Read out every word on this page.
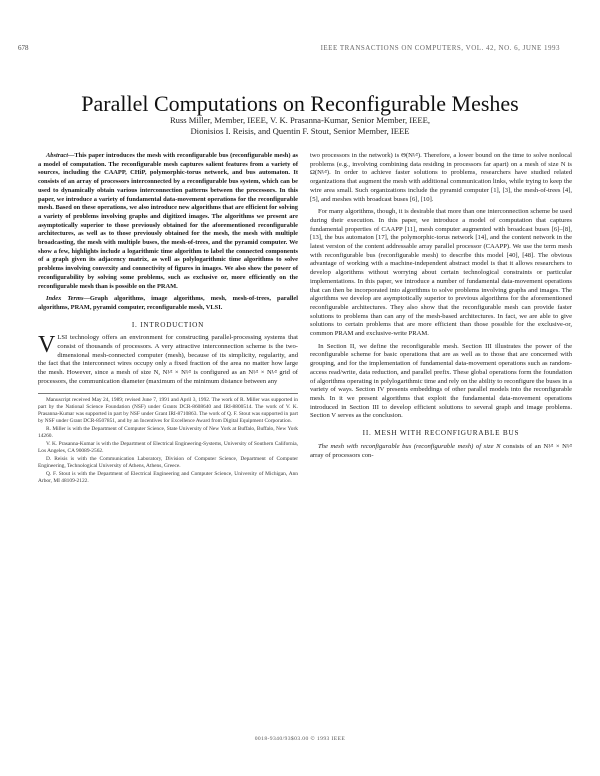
678	IEEE TRANSACTIONS ON COMPUTERS, VOL. 42, NO. 6, JUNE 1993
Parallel Computations on Reconfigurable Meshes
Russ Miller, Member, IEEE, V. K. Prasanna-Kumar, Senior Member, IEEE,
Dionisios I. Reisis, and Quentin F. Stout, Senior Member, IEEE

Abstract—This paper introduces the mesh with reconfigurable bus (reconfigurable mesh) as a model of computation. The reconfigurable mesh captures salient features from a variety of sources, including the CAAPP, CHiP, polymorphic-torus network, and bus automaton. It consists of an array of processors interconnected by a reconfigurable bus system, which can be used to dynamically obtain various interconnection patterns between the processors. In this paper, we introduce a variety of fundamental data-movement operations for the reconfigurable mesh. Based on these operations, we also introduce new algorithms that are efficient for solving a variety of problems involving graphs and digitized images. The algorithms we present are asymptotically superior to those previously obtained for the aforementioned reconfigurable architectures, as well as to those previously obtained for the mesh, the mesh with multiple broadcasting, the mesh with multiple buses, the mesh-of-trees, and the pyramid computer. We show a few, highlights include a logarithmic time algorithm to label the connected components of a graph given its adjacency matrix, as well as polylogarithmic time algorithms to solve problems involving convexity and connectivity of figures in images. We also show the power of reconfigurability by solving some problems, such as exclusive or, more efficiently on the reconfigurable mesh than is possible on the PRAM.

Index Terms—Graph algorithms, image algorithms, mesh, mesh-of-trees, parallel algorithms, PRAM, pyramid computer, reconfigurable mesh, VLSI.

I. INTRODUCTION

VLSI technology offers an environment for constructing parallel-processing systems that consist of thousands of processors. A very attractive interconnection scheme is the two-dimensional mesh-connected computer (mesh), because of its simplicity, regularity, and the fact that the interconnect wires occupy only a fixed fraction of the area no matter how large the mesh. However, since a mesh of size N, N¹⁄² × N¹⁄² is configured as an N¹⁄² × N¹⁄² grid of processors, the communication diameter (maximum of the minimum distance between any

Manuscript received May 24, 1989; revised June 7, 1991 and April 3, 1992. The work of R. Miller was supported in part by the National Science Foundation (NSF) under Grants DCR-8608640 and IRI-8800514. The work of V. K. Prasanna-Kumar was supported in part by NSF under Grant IRI-8710863. The work of Q. F. Stout was supported in part by NSF under Grant DCR-8507851, and by an Incentives for Excellence Award from Digital Equipment Corporation.

R. Miller is with the Department of Computer Science, State University of New York at Buffalo, Buffalo, New York 14260.

V. K. Prasanna-Kumar is with the Department of Electrical Engineering-Systems, University of Southern California, Los Angeles, CA 90089-2562.

D. Reisis is with the Communication Laboratory, Division of Computer Science, Department of Computer Engineering, Technological University of Athens, Athens, Greece.

Q. F. Stout is with the Department of Electrical Engineering and Computer Science, University of Michigan, Ann Arbor, MI 48109-2122.

two processors in the network) is Θ(N¹⁄²). Therefore, a lower bound on the time to solve nonlocal problems (e.g., involving combining data residing in processors far apart) on a mesh of size N is Ω(N¹⁄²). In order to achieve faster solutions to problems, researchers have studied related organizations that augment the mesh with additional communication links, while trying to keep the wire area small. Such organizations include the pyramid computer [1], [3], the mesh-of-trees [4], [5], and meshes with broadcast buses [6], [10].

For many algorithms, though, it is desirable that more than one interconnection scheme be used during their execution. In this paper, we introduce a model of computation that captures fundamental properties of CAAPP [11], mesh computer augmented with broadcast buses [6]–[8], [13], the bus automaton [17], the polymorphic-torus network [14], and the content network in the latest version of the content addressable array parallel processor (CAAPP). We use the term mesh with reconfigurable bus (reconfigurable mesh) to describe this model [40], [48]. The obvious advantage of working with a machine-independent abstract model is that it allows researchers to develop algorithms without worrying about certain technological constraints or particular implementations. In this paper, we introduce a number of fundamental data-movement operations that can then be incorporated into algorithms to solve problems involving graphs and images. The algorithms we develop are asymptotically superior to previous algorithms for the aforementioned reconfigurable architectures. They also show that the reconfigurable mesh can provide faster solutions to problems than can any of the mesh-based architectures. In fact, we are able to give solutions to certain problems that are more efficient than those possible for the exclusive-or, common PRAM and exclusive-write PRAM.

In Section II, we define the reconfigurable mesh. Section III illustrates the power of the reconfigurable scheme for basic operations that are as well as to those that are concerned with grouping, and for the implementation of fundamental data-movement operations such as random-access read/write, data reduction, and parallel prefix. These global operations form the foundation of algorithms operating in polylogarithmic time and rely on the ability to reconfigure the buses in a variety of ways. Section IV presents embeddings of other parallel models into the reconfigurable mesh. In it we present algorithms that exploit the fundamental data-movement operations introduced in Section III to develop efficient solutions to several graph and image problems. Section V serves as the conclusion.

II. MESH WITH RECONFIGURABLE BUS

The mesh with reconfigurable bus (reconfigurable mesh) of size N consists of an N¹⁄² × N¹⁄² array of processors con-

0018-9340/93$03.00 © 1993 IEEE
